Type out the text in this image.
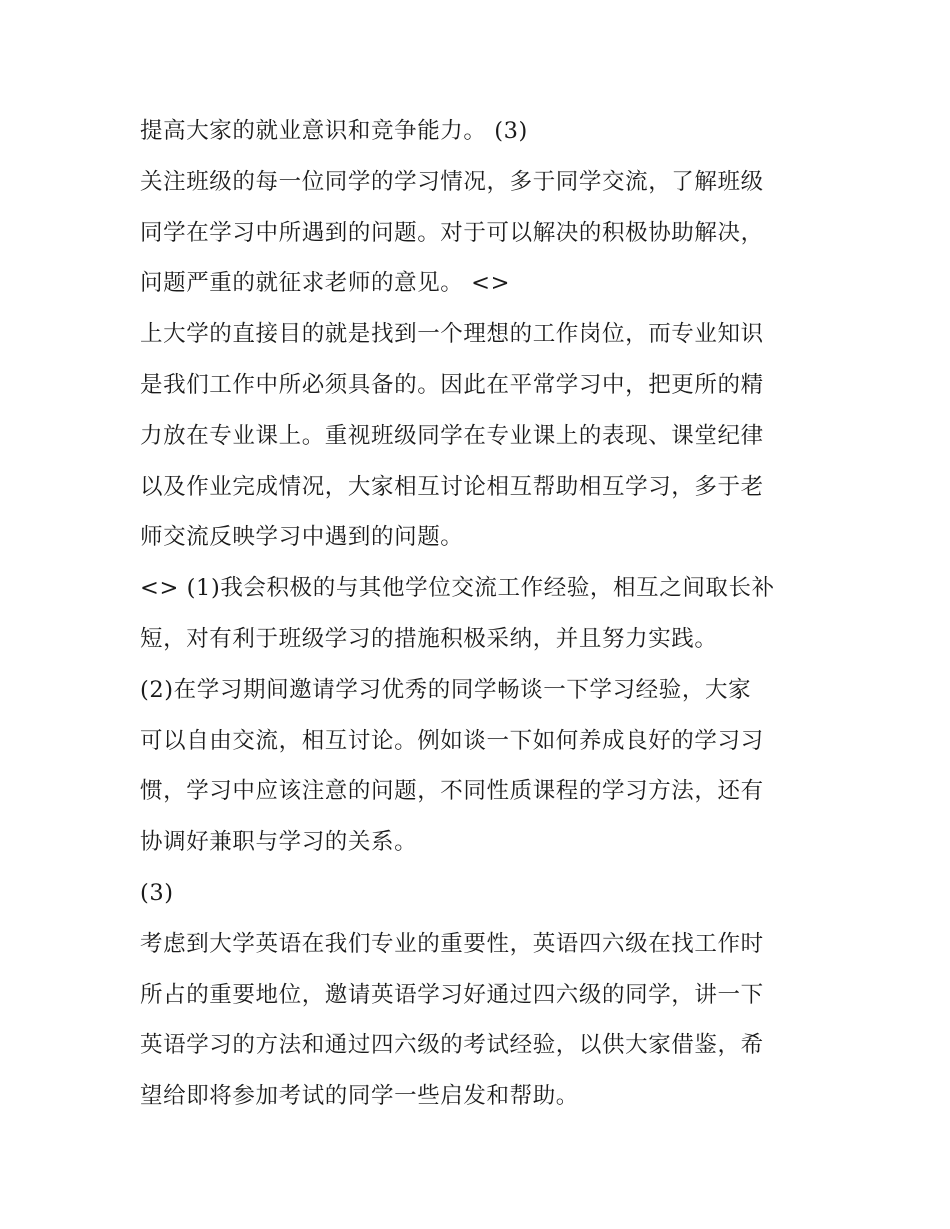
提高大家的就业意识和竞争能力。 (3)
关注班级的每一位同学的学习情况，多于同学交流，了解班级
同学在学习中所遇到的问题。对于可以解决的积极协助解决，
问题严重的就征求老师的意见。 <>
上大学的直接目的就是找到一个理想的工作岗位，而专业知识
是我们工作中所必须具备的。因此在平常学习中，把更所的精
力放在专业课上。重视班级同学在专业课上的表现、课堂纪律
以及作业完成情况，大家相互讨论相互帮助相互学习，多于老
师交流反映学习中遇到的问题。
<> (1)我会积极的与其他学位交流工作经验，相互之间取长补
短，对有利于班级学习的措施积极采纳，并且努力实践。
(2)在学习期间邀请学习优秀的同学畅谈一下学习经验，大家
可以自由交流，相互讨论。例如谈一下如何养成良好的学习习
惯，学习中应该注意的问题，不同性质课程的学习方法，还有
协调好兼职与学习的关系。
(3)
考虑到大学英语在我们专业的重要性，英语四六级在找工作时
所占的重要地位，邀请英语学习好通过四六级的同学，讲一下
英语学习的方法和通过四六级的考试经验，以供大家借鉴，希
望给即将参加考试的同学一些启发和帮助。
